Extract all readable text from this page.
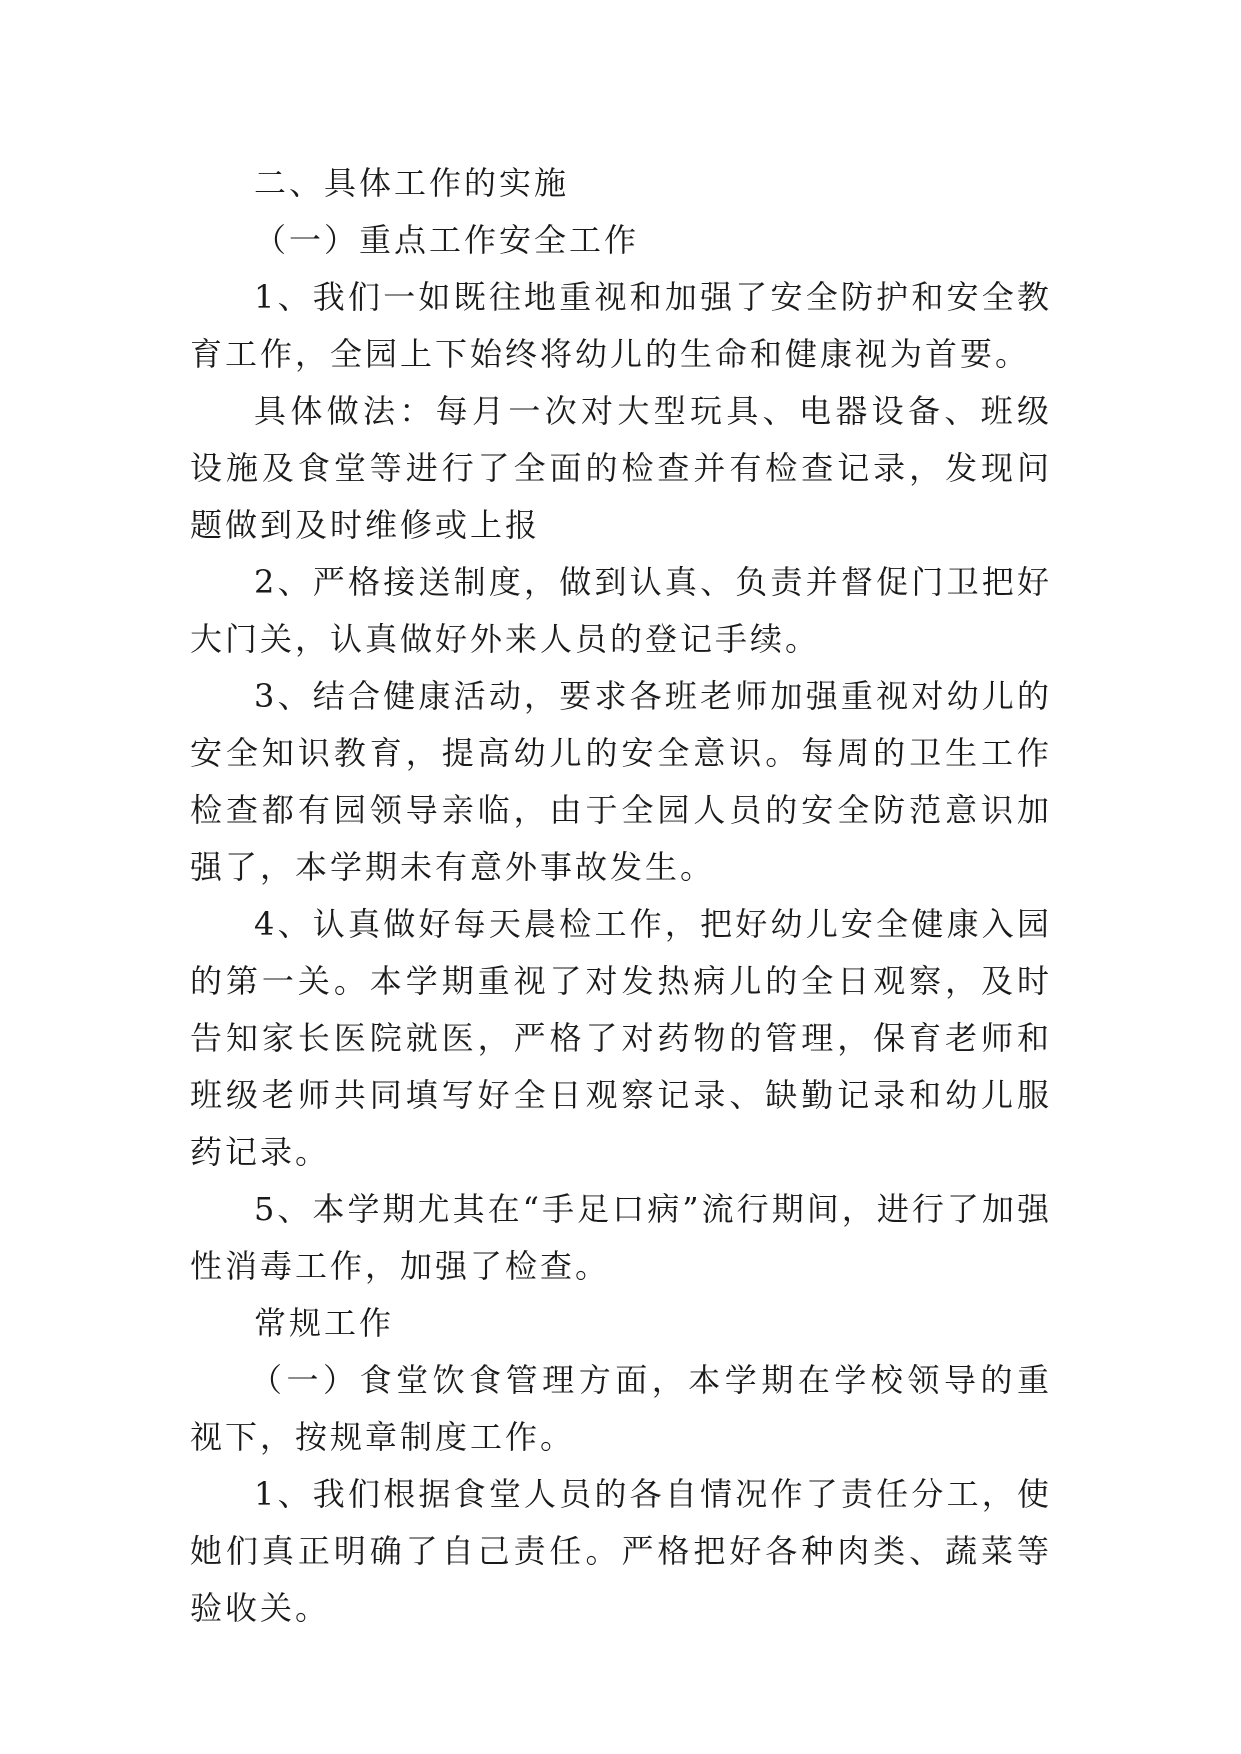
二、具体工作的实施

（一）重点工作安全工作

1、我们一如既往地重视和加强了安全防护和安全教育工作，全园上下始终将幼儿的生命和健康视为首要。

具体做法：每月一次对大型玩具、电器设备、班级设施及食堂等进行了全面的检查并有检查记录，发现问题做到及时维修或上报

2、严格接送制度，做到认真、负责并督促门卫把好大门关，认真做好外来人员的登记手续。

3、结合健康活动，要求各班老师加强重视对幼儿的安全知识教育，提高幼儿的安全意识。每周的卫生工作检查都有园领导亲临，由于全园人员的安全防范意识加强了，本学期未有意外事故发生。

4、认真做好每天晨检工作，把好幼儿安全健康入园的第一关。本学期重视了对发热病儿的全日观察，及时告知家长医院就医，严格了对药物的管理，保育老师和班级老师共同填写好全日观察记录、缺勤记录和幼儿服药记录。

5、本学期尤其在“手足口病”流行期间，进行了加强性消毒工作，加强了检查。

常规工作

（一）食堂饮食管理方面，本学期在学校领导的重视下，按规章制度工作。

1、我们根据食堂人员的各自情况作了责任分工，使她们真正明确了自己责任。严格把好各种肉类、蔬菜等验收关。
